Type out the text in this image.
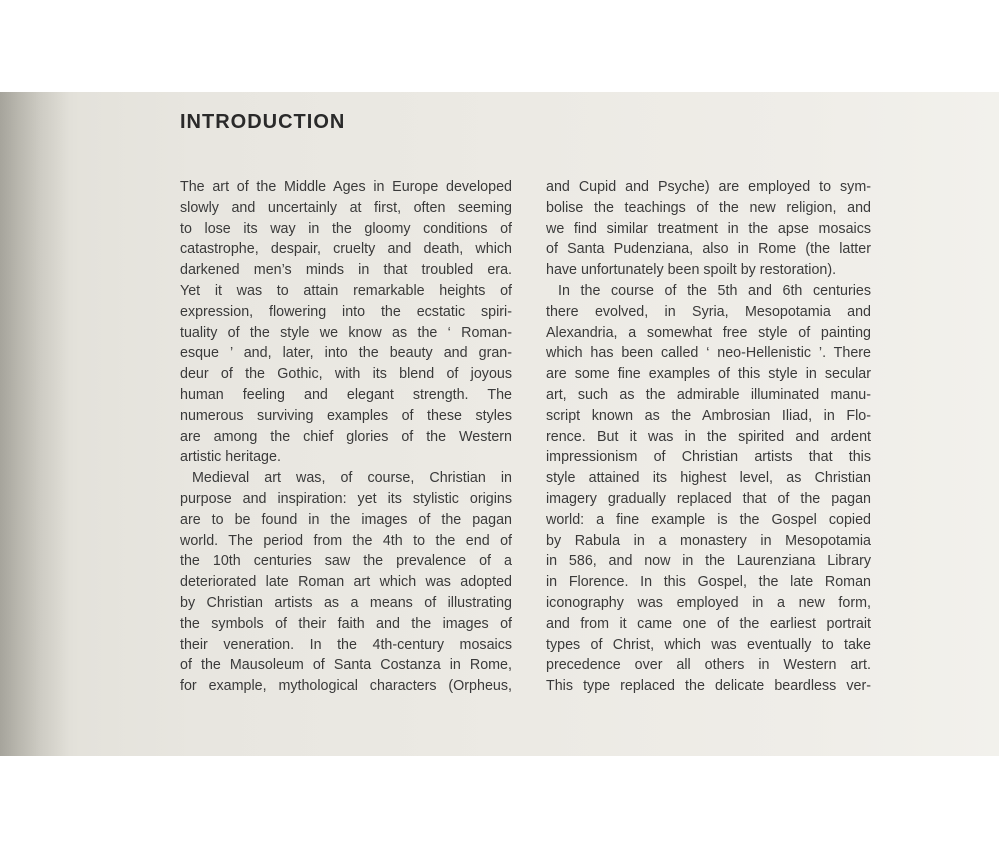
INTRODUCTION
The art of the Middle Ages in Europe developed
slowly and uncertainly at first, often seeming
to lose its way in the gloomy conditions of
catastrophe, despair, cruelty and death, which
darkened men’s minds in that troubled era.
Yet it was to attain remarkable heights of
expression, flowering into the ecstatic spiri-
tuality of the style we know as the ‘ Roman-
esque ’ and, later, into the beauty and gran-
deur of the Gothic, with its blend of joyous
human feeling and elegant strength. The
numerous surviving examples of these styles
are among the chief glories of the Western
artistic heritage.
Medieval art was, of course, Christian in
purpose and inspiration: yet its stylistic origins
are to be found in the images of the pagan
world. The period from the 4th to the end of
the 10th centuries saw the prevalence of a
deteriorated late Roman art which was adopted
by Christian artists as a means of illustrating
the symbols of their faith and the images of
their veneration. In the 4th-century mosaics
of the Mausoleum of Santa Costanza in Rome,
for example, mythological characters (Orpheus,
and Cupid and Psyche) are employed to sym-
bolise the teachings of the new religion, and
we find similar treatment in the apse mosaics
of Santa Pudenziana, also in Rome (the latter
have unfortunately been spoilt by restoration).
In the course of the 5th and 6th centuries
there evolved, in Syria, Mesopotamia and
Alexandria, a somewhat free style of painting
which has been called ‘ neo-Hellenistic ’. There
are some fine examples of this style in secular
art, such as the admirable illuminated manu-
script known as the Ambrosian Iliad, in Flo-
rence. But it was in the spirited and ardent
impressionism of Christian artists that this
style attained its highest level, as Christian
imagery gradually replaced that of the pagan
world: a fine example is the Gospel copied
by Rabula in a monastery in Mesopotamia
in 586, and now in the Laurenziana Library
in Florence. In this Gospel, the late Roman
iconography was employed in a new form,
and from it came one of the earliest portrait
types of Christ, which was eventually to take
precedence over all others in Western art.
This type replaced the delicate beardless ver-
